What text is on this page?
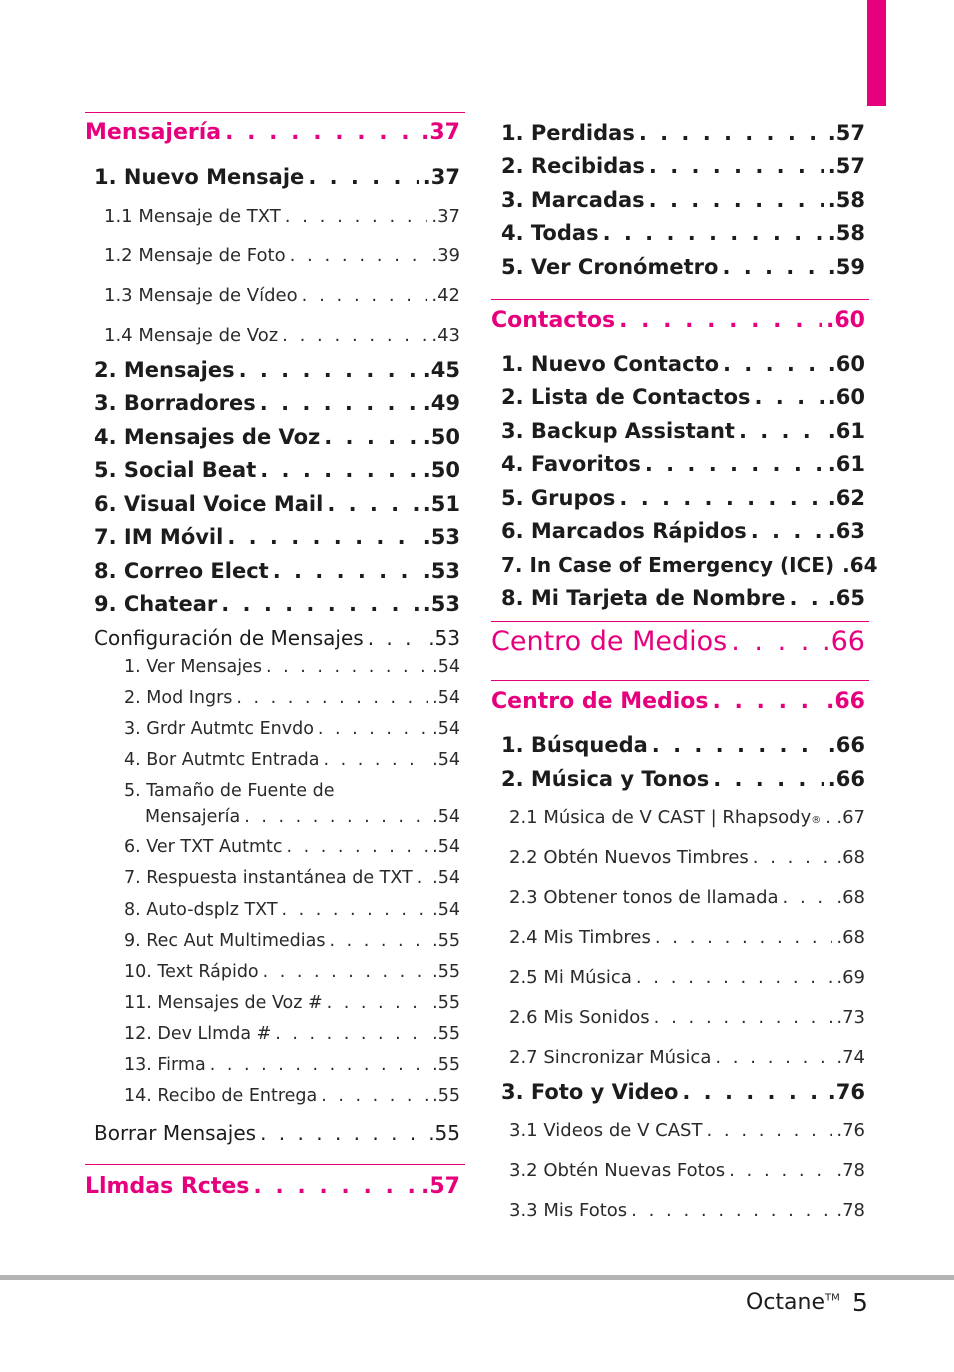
Mensajería . . .	.37
1. Nuevo Mensaje . . .	.37
1.1 Mensaje de TXT . . .	.37
1.2 Mensaje de Foto . . .	.39
1.3 Mensaje de Vídeo . . .	.42
1.4 Mensaje de Voz . . .	.43
2. Mensajes . . .	.45
3. Borradores . . .	.49
4. Mensajes de Voz . . .	.50
5. Social Beat . . .	.50
6. Visual Voice Mail . . .	.51
7. IM Móvil . . .	.53
8. Correo Elect . . .	.53
9. Chatear . . .	.53
Configuración de Mensajes . . .	.53
1. Ver Mensajes . . .	.54
2. Mod Ingrs . . .	.54
3. Grdr Autmtc Envdo . . .	.54
4. Bor Autmtc Entrada . . .	.54
5. Tamaño de Fuente de
Mensajería . . .	.54
6. Ver TXT Autmtc . . .	.54
7. Respuesta instantánea de TXT . . . .54
8. Auto-dsplz TXT . . .	.54
9. Rec Aut Multimedias . . .	.55
10. Text Rápido . . .	.55
11. Mensajes de Voz # . . .	.55
12. Dev Llmda # . . .	.55
13. Firma . . .	.55
14. Recibo de Entrega . . .	.55
Borrar Mensajes . . .	.55
Llmdas Rctes . . .	.57
1. Perdidas . . .	.57
2. Recibidas . . .	.57
3. Marcadas . . .	.58
4. Todas . . .	.58
5. Ver Cronómetro . . .	.59
Contactos . . .	.60
1. Nuevo Contacto . . .	.60
2. Lista de Contactos . . .	.60
3. Backup Assistant . . .	.61
4. Favoritos . . .	.61
5. Grupos . . .	.62
6. Marcados Rápidos . . .	.63
7. In Case of Emergency (ICE) .64
8. Mi Tarjeta de Nombre . . . .65
Centro de Medios . . .	.66
Centro de Medios . . .	.66
1. Búsqueda . . .	.66
2. Música y Tonos . . .	.66
2.1 Música de V CAST | Rhapsody ® . . . .67
2.2 Obtén Nuevos Timbres . . .	.68
2.3 Obtener tonos de llamada . . .	.68
2.4 Mis Timbres . . .	.68
2.5 Mi Música . . .	.69
2.6 Mis Sonidos . . .	.73
2.7 Sincronizar Música . . .	.74
3. Foto y Video . . .	.76
3.1 Videos de V CAST . . .	.76
3.2 Obtén Nuevas Fotos . . .	.78
3.3 Mis Fotos . . .	.78
Octane™ 5
